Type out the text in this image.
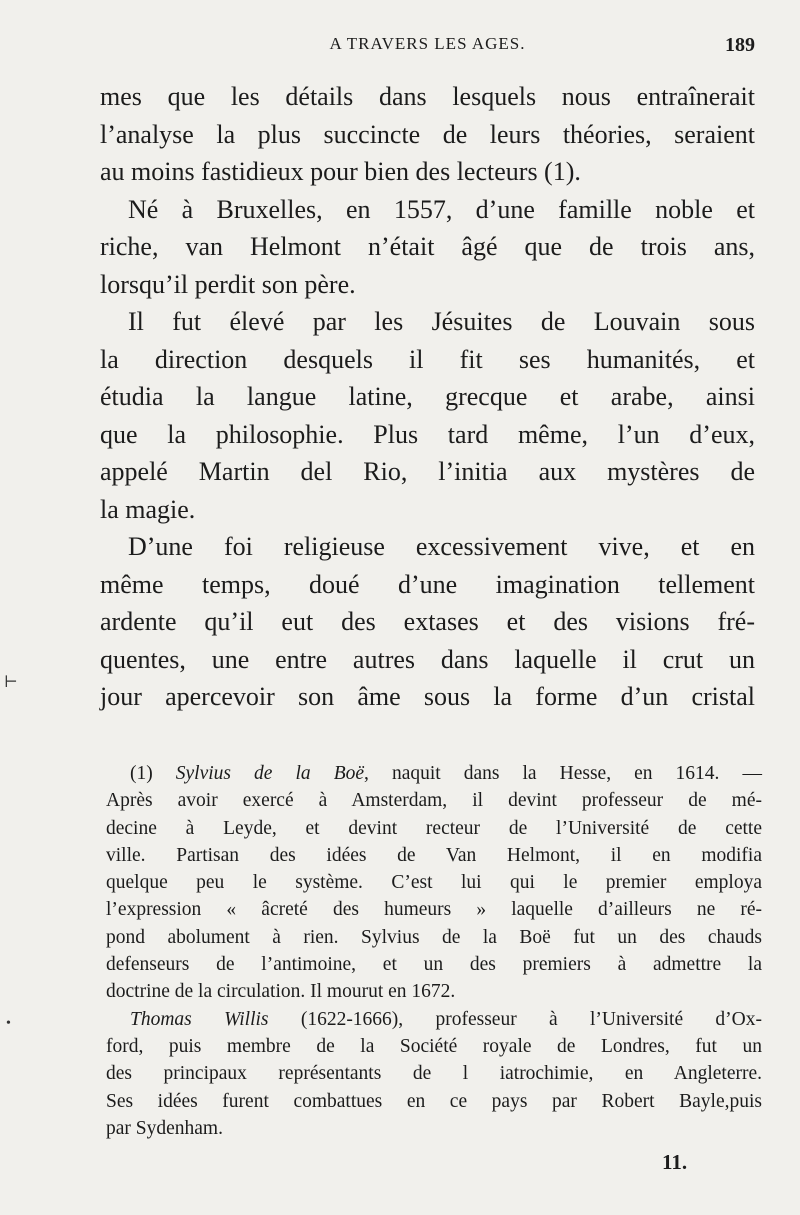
A TRAVERS LES AGES.	189
mes que les détails dans lesquels nous entraînerait
l’analyse la plus succincte de leurs théories, seraient
au moins fastidieux pour bien des lecteurs (1).
Né à Bruxelles, en 1557, d’une famille noble et
riche, van Helmont n’était âgé que de trois ans,
lorsqu’il perdit son père.
Il fut élevé par les Jésuites de Louvain sous
la direction desquels il fit ses humanités, et
étudia la langue latine, grecque et arabe, ainsi
que la philosophie. Plus tard même, l’un d’eux,
appelé Martin del Rio, l’initia aux mystères de
la magie.
D’une foi religieuse excessivement vive, et en
même temps, doué d’une imagination tellement
ardente qu’il eut des extases et des visions fré-
quentes, une entre autres dans laquelle il crut un
jour apercevoir son âme sous la forme d’un cristal
(1) Sylvius de la Boë, naquit dans la Hesse, en 1614. —
Après avoir exercé à Amsterdam, il devint professeur de mé-
decine à Leyde, et devint recteur de l’Université de cette
ville. Partisan des idées de Van Helmont, il en modifia
quelque peu le système. C’est lui qui le premier employa
l’expression « âcreté des humeurs » laquelle d’ailleurs ne ré-
pond abolument à rien. Sylvius de la Boë fut un des chauds
defenseurs de l’antimoine, et un des premiers à admettre la
doctrine de la circulation. Il mourut en 1672.
Thomas Willis (1622-1666), professeur à l’Université d’Ox-
ford, puis membre de la Société royale de Londres, fut un
des principaux représentants de l iatrochimie, en Angleterre.
Ses idées furent combattues en ce pays par Robert Bayle,puis
par Sydenham.
11.
⊢
•
